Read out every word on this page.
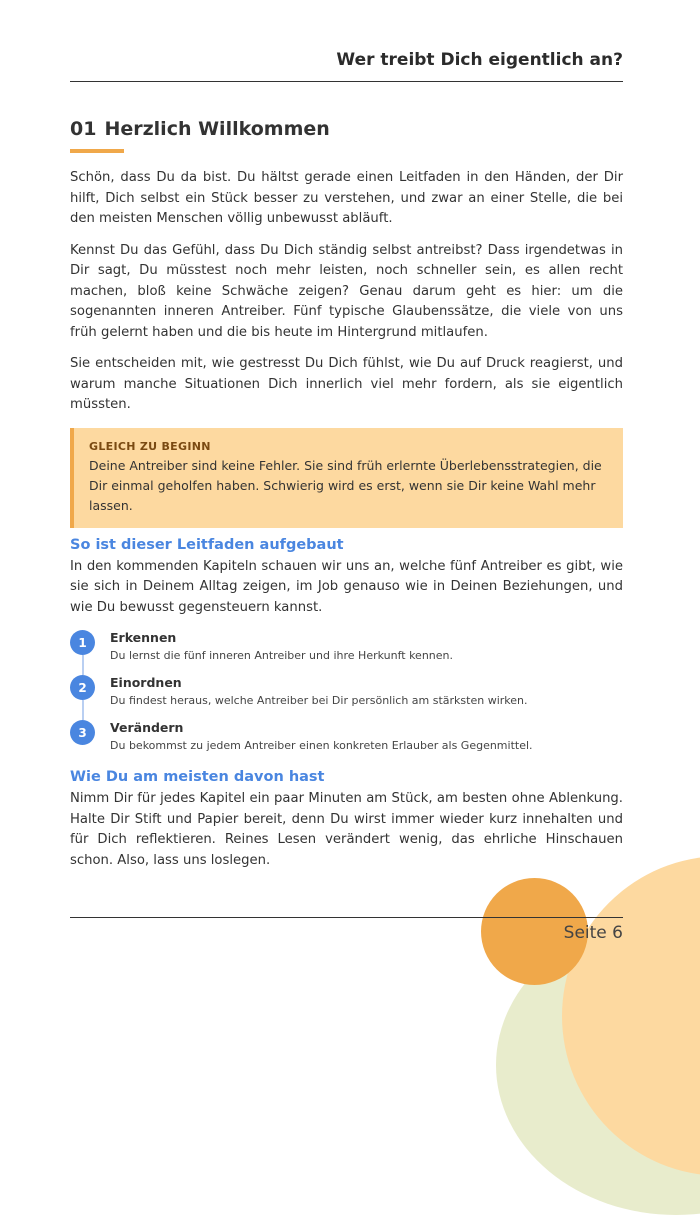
Wer treibt Dich eigentlich an?
01 Herzlich Willkommen

Schön, dass Du da bist. Du hältst gerade einen Leitfaden in den Händen, der Dir hilft, Dich selbst ein Stück besser zu verstehen, und zwar an einer Stelle, die bei den meisten Menschen völlig unbewusst abläuft.

Kennst Du das Gefühl, dass Du Dich ständig selbst antreibst? Dass irgendetwas in Dir sagt, Du müsstest noch mehr leisten, noch schneller sein, es allen recht machen, bloß keine Schwäche zeigen? Genau darum geht es hier: um die sogenannten inneren Antreiber. Fünf typische Glaubenssätze, die viele von uns früh gelernt haben und die bis heute im Hintergrund mitlaufen.

Sie entscheiden mit, wie gestresst Du Dich fühlst, wie Du auf Druck reagierst, und warum manche Situationen Dich innerlich viel mehr fordern, als sie eigentlich müssten.

GLEICH ZU BEGINN
Deine Antreiber sind keine Fehler. Sie sind früh erlernte Überlebensstrategien, die Dir einmal geholfen haben. Schwierig wird es erst, wenn sie Dir keine Wahl mehr lassen.
So ist dieser Leitfaden aufgebaut

In den kommenden Kapiteln schauen wir uns an, welche fünf Antreiber es gibt, wie sie sich in Deinem Alltag zeigen, im Job genauso wie in Deinen Beziehungen, und wie Du bewusst gegensteuern kannst.

1	Erkennen
Du lernst die fünf inneren Antreiber und ihre Herkunft kennen.
2	Einordnen
Du findest heraus, welche Antreiber bei Dir persönlich am stärksten wirken.
3	Verändern
Du bekommst zu jedem Antreiber einen konkreten Erlauber als Gegenmittel.
Wie Du am meisten davon hast

Nimm Dir für jedes Kapitel ein paar Minuten am Stück, am besten ohne Ablenkung. Halte Dir Stift und Papier bereit, denn Du wirst immer wieder kurz innehalten und für Dich reflektieren. Reines Lesen verändert wenig, das ehrliche Hinschauen schon. Also, lass uns loslegen.

Seite 6
